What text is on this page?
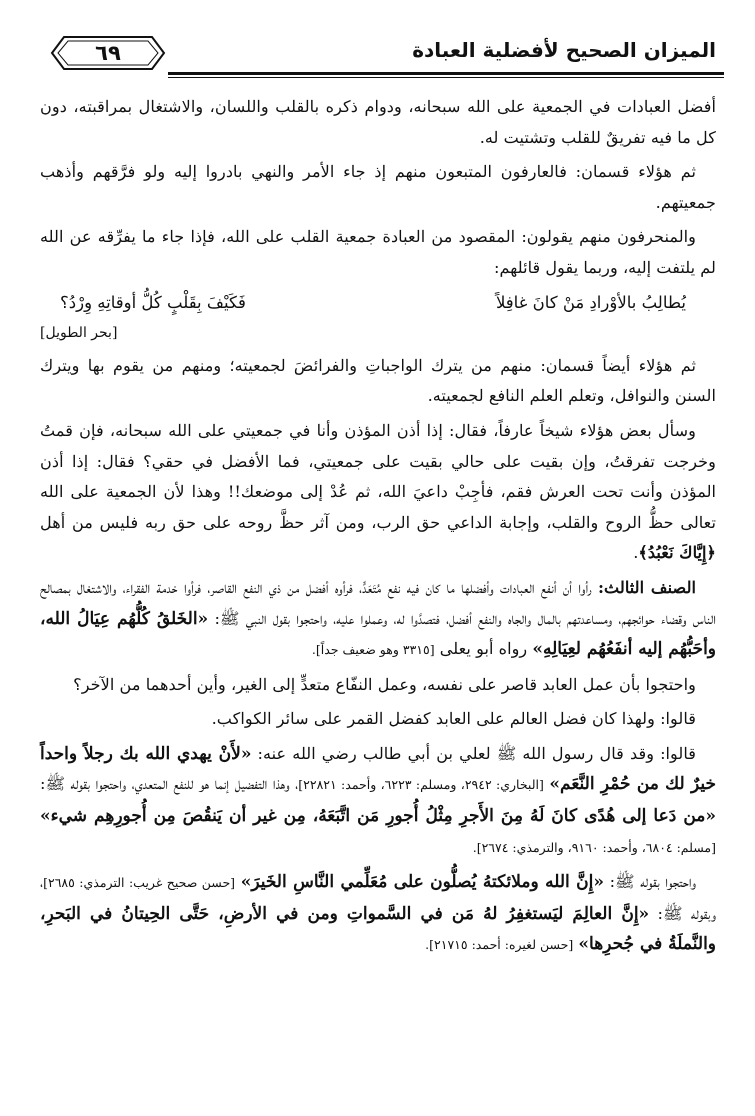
٦٩	الميزان الصحيح لأفضلية العبادة

أفضل العبادات في الجمعية على الله سبحانه، ودوام ذكره بالقلب واللسان، والاشتغال بمراقبته، دون كل ما فيه تفريقٌ للقلب وتشتيت له.

ثم هؤلاء قسمان: فالعارفون المتبعون منهم إذ جاء الأمر والنهي بادروا إليه ولو فرَّقهم وأذهب جمعيتهم.

والمنحرفون منهم يقولون: المقصود من العبادة جمعية القلب على الله، فإذا جاء ما يفرِّقه عن الله لم يلتفت إليه، وربما يقول قائلهم:

يُطالِبُ بالأوْرادِ مَنْ كانَ غافِلاً
فَكَيْفَ بِقَلْبٍ كُلُّ أوقاتِهِ وِرْدُ؟
[بحر الطويل]

ثم هؤلاء أيضاً قسمان: منهم من يترك الواجباتِ والفرائضَ لجمعيته؛ ومنهم من يقوم بها ويترك السنن والنوافل، وتعلم العلم النافع لجمعيته.

وسأل بعض هؤلاء شيخاً عارفاً، فقال: إذا أذن المؤذن وأنا في جمعيتي على الله سبحانه، فإن قمتُ وخرجت تفرقتُ، وإن بقيت على حالي بقيت على جمعيتي، فما الأفضل في حقي؟ فقال: إذا أذن المؤذن وأنت تحت العرش فقم، فأجِبْ داعيَ الله، ثم عُدْ إلى موضعك!! وهذا لأن الجمعية على الله تعالى حظُّ الروح والقلب، وإجابة الداعي حق الرب، ومن آثر حظَّ روحه على حق ربه فليس من أهل ﴿إِيَّاكَ نَعْبُدُ﴾.

الصنف الثالث: رأوا أن أنفع العبادات وأفضلها ما كان فيه نفع مُتَعَدٍّ، فرأوه أفضل من ذي النفع القاصر، فرأوا خدمة الفقراء، والاشتغال بمصالح الناس وقضاء حوائجهم، ومساعدتهم بالمال والجاه والنفع أفضل، فتصدَّوا له، وعملوا عليه، واحتجوا بقول النبي ﷺ: «الخَلقُ كُلُّهُم عِيَالُ الله، وأحَبُّهُم إليه أنفَعُهُم لعِيَالِهِ» رواه أبو يعلى [٣٣١٥ وهو ضعيف جداً].

واحتجوا بأن عمل العابد قاصر على نفسه، وعمل النفّاع متعدٍّ إلى الغير، وأين أحدهما من الآخر؟

قالوا: ولهذا كان فضل العالم على العابد كفضل القمر على سائر الكواكب.

قالوا: وقد قال رسول الله ﷺ لعلي بن أبي طالب رضي الله عنه: «لأَنْ يهدي الله بك رجلاً واحداً خيرٌ لك من حُمْرِ النَّعَم» [البخاري: ٢٩٤٢، ومسلم: ٦٢٢٣، وأحمد: ٢٢٨٢١]، وهذا التفضيل إنما هو للنفع المتعدي، واحتجوا بقوله ﷺ: «من دَعا إلى هُدًى كانَ لَهُ مِنَ الأَجرِ مِثْلُ أُجورِ مَن اتَّبَعَهُ، مِن غير أن يَنقُصَ مِن أُجورِهِم شيء» [مسلم: ٦٨٠٤، وأحمد: ٩١٦٠، والترمذي: ٢٦٧٤].

واحتجوا بقوله ﷺ: «إِنَّ الله وملائكتهُ يُصلُّون على مُعَلِّمي النَّاسِ الخَيرَ» [حسن صحيح غريب: الترمذي: ٢٦٨٥]، وبقوله ﷺ: «إِنَّ العالِمَ ليَستغفِرُ لهُ مَن في السَّمواتِ ومن في الأرضِ، حَتَّى الحِيتانُ في البَحرِ، والنَّملَةُ في جُحرِها» [حسن لغيره: أحمد: ٢١٧١٥].
